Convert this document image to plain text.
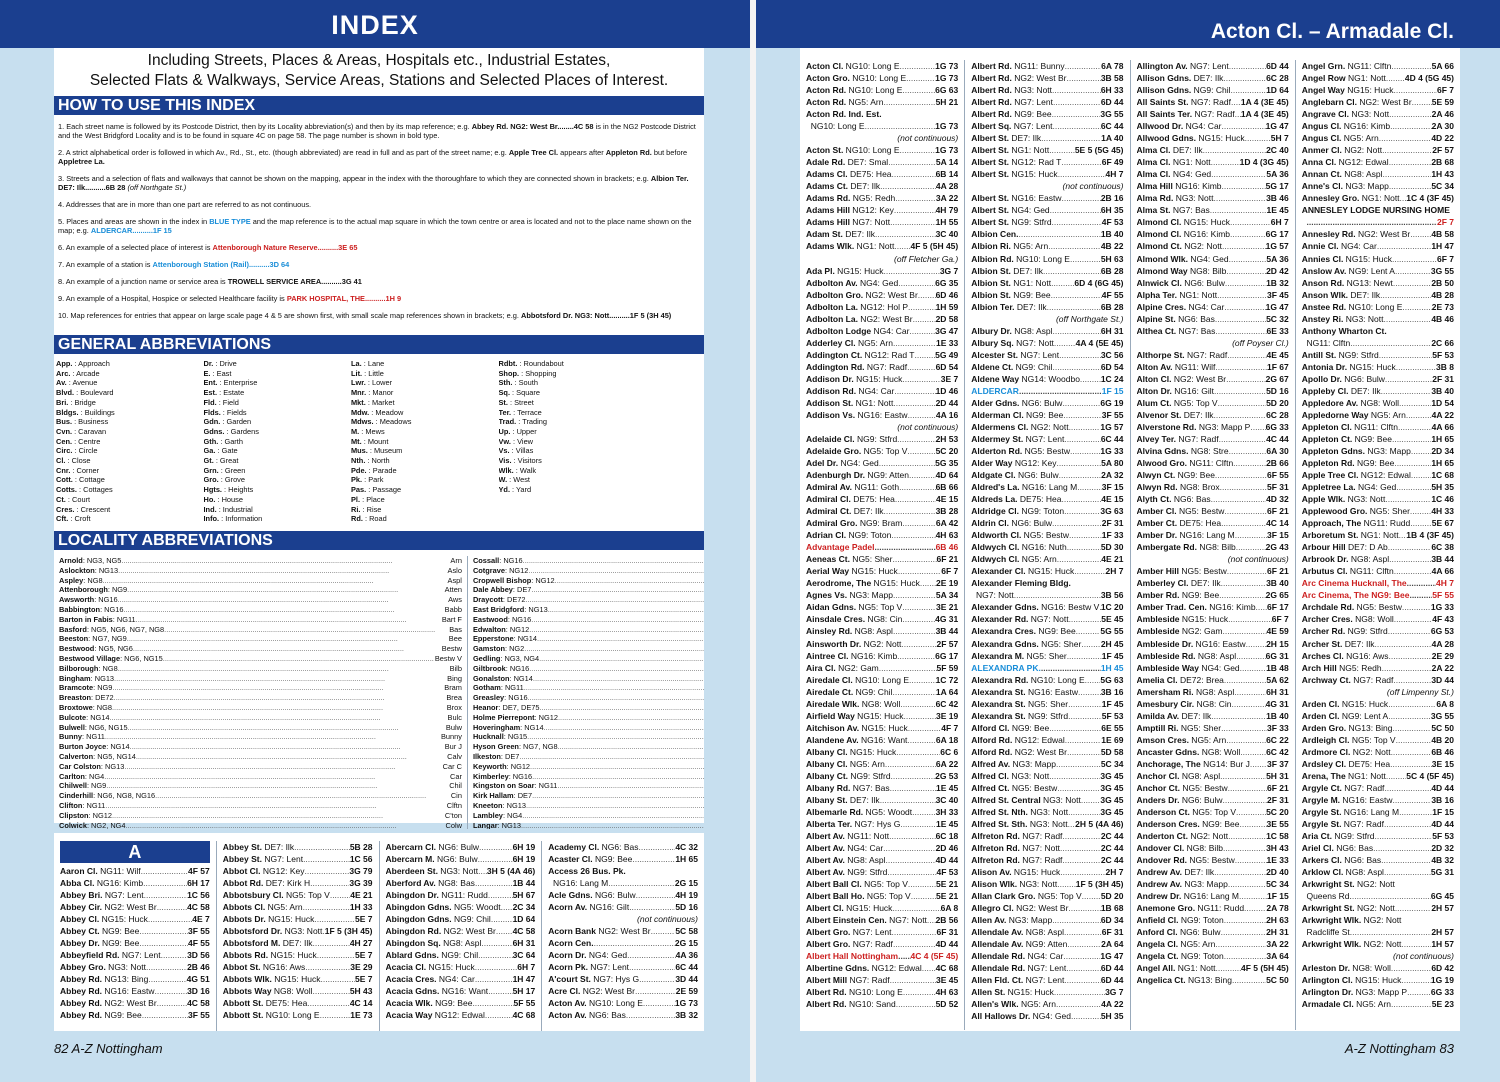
INDEX
Including Streets, Places & Areas, Hospitals etc., Industrial Estates,
Selected Flats & Walkways, Service Areas, Stations and Selected Places of Interest.
HOW TO USE THIS INDEX

1. Each street name is followed by its Postcode District, then by its Locality abbreviation(s) and then by its map reference; e.g. Abbey Rd. NG2: West Br........4C 58 is in the NG2 Postcode District and the West Bridgford Locality and is to be found in square 4C on page 58. The page number is shown in bold type.

2. A strict alphabetical order is followed in which Av., Rd., St., etc. (though abbreviated) are read in full and as part of the street name; e.g. Apple Tree Cl. appears after Appleton Rd. but before Appletree La.

3. Streets and a selection of flats and walkways that cannot be shown on the mapping, appear in the index with the thoroughfare to which they are connected shown in brackets; e.g. Albion Ter. DE7: Ilk..........6B 28 (off Northgate St.)

4. Addresses that are in more than one part are referred to as not continuous.

5. Places and areas are shown in the index in BLUE TYPE and the map reference is to the actual map square in which the town centre or area is located and not to the place name shown on the map; e.g. ALDERCAR..........1F 15

6. An example of a selected place of interest is Attenborough Nature Reserve..........3E 65

7. An example of a station is Attenborough Station (Rail)..........3D 64

8. An example of a junction name or service area is TROWELL SERVICE AREA..........3G 41

9. An example of a Hospital, Hospice or selected Healthcare facility is PARK HOSPITAL, THE..........1H 9

10. Map references for entries that appear on large scale page 4 & 5 are shown first, with small scale map references shown in brackets; e.g. Abbotsford Dr. NG3: Nott..........1F 5 (3H 45)

GENERAL ABBREVIATIONS
App. : Approach
Arc. : Arcade
Av. : Avenue
Blvd. : Boulevard
Bri. : Bridge
Bldgs. : Buildings
Bus. : Business
Cvn. : Caravan
Cen. : Centre
Circ. : Circle
Cl. : Close
Cnr. : Corner
Cott. : Cottage
Cotts. : Cottages
Ct. : Court
Cres. : Crescent
Cft. : Croft
Dr. : Drive
E. : East
Ent. : Enterprise
Est. : Estate
Fld. : Field
Flds. : Fields
Gdn. : Garden
Gdns. : Gardens
Gth. : Garth
Ga. : Gate
Gt. : Great
Grn. : Green
Gro. : Grove
Hgts. : Heights
Ho. : House
Ind. : Industrial
Info. : Information
La. : Lane
Lit. : Little
Lwr. : Lower
Mnr. : Manor
Mkt. : Market
Mdw. : Meadow
Mdws. : Meadows
M. : Mews
Mt. : Mount
Mus. : Museum
Nth. : North
Pde. : Parade
Pk. : Park
Pas. : Passage
Pl. : Place
Ri. : Rise
Rd. : Road
Rdbt. : Roundabout
Shop. : Shopping
Sth. : South
Sq. : Square
St. : Street
Ter. : Terrace
Trad. : Trading
Up. : Upper
Vw. : View
Vs. : Villas
Vis. : Visitors
Wlk. : Walk
W. : West
Yd. : Yard
LOCALITY ABBREVIATIONS
Arnold: NG3, NG5 .....	Arn
Aslockton: NG13 .....	Aslo
Aspley: NG8 .....	Aspl
Attenborough: NG9 .....	Atten
Awsworth: NG16 .....	Aws
Babbington: NG16 .....	Babb
Barton in Fabis: NG11 .....	Bart F
Basford: NG5, NG6, NG7, NG8 .....	Bas
Beeston: NG7, NG9 .....	Bee
Bestwood: NG5, NG6 .....	Bestw
Bestwood Village: NG6, NG15 .....	Bestw V
Bilborough: NG8 .....	Bilb
Bingham: NG13 .....	Bing
Bramcote: NG9 .....	Bram
Breaston: DE72 .....	Brea
Broxtowe: NG8 .....	Brox
Bulcote: NG14 .....	Bulc
Bulwell: NG6, NG15 .....	Bulw
Bunny: NG11 .....	Bunny
Burton Joyce: NG14 .....	Bur J
Calverton: NG5, NG14 .....	Calv
Car Colston: NG13 .....	Car C
Carlton: NG4 .....	Car
Chilwell: NG9 .....	Chil
Cinderhill: NG6, NG8, NG16 .....	Cin
Clifton: NG11 .....	Clftn
Clipston: NG12 .....	C'ton
Colwick: NG2, NG4 .....	Colw
Cossall: NG16 .....
Cotgrave: NG12 .....
Cropwell Bishop: NG12 .....
Dale Abbey: DE7 .....
Draycott: DE72 .....
East Bridgford: NG13 .....
Eastwood: NG16 .....
Edwalton: NG12 .....
Epperstone: NG14 .....
Gamston: NG2 .....
Gedling: NG3, NG4 .....
Giltbrook: NG16 .....
Gonalston: NG14 .....
Gotham: NG11 .....
Greasley: NG16 .....
Heanor: DE7, DE75 .....
Holme Pierrepont: NG12 .....
Hoveringham: NG14 .....
Hucknall: NG15 .....
Hyson Green: NG7, NG8 .....
Ilkeston: DE7 .....
Keyworth: NG12 .....
Kimberley: NG16 .....
Kingston on Soar: NG11 .....
Kirk Hallam: DE7 .....
Kneeton: NG13 .....
Lambley: NG4 .....
Langar: NG13 .....
A
Aaron Cl. NG11: Wilf .....	4F 57
Abba Cl. NG16: Kimb .....	6H 17
Abbey Bri. NG7: Lent .....	1C 56
Abbey Cir. NG2: West Br .....	4C 58
Abbey Cl. NG15: Huck .....	4E 7
Abbey Ct. NG9: Bee .....	3F 55
Abbey Dr. NG9: Bee .....	4F 55
Abbeyfield Rd. NG7: Lent .....	3D 56
Abbey Gro. NG3: Nott .....	2B 46
Abbey Rd. NG13: Bing .....	4G 51
Abbey Rd. NG16: Eastw .....	3D 16
Abbey Rd. NG2: West Br .....	4C 58
Abbey Rd. NG9: Bee .....	3F 55
Abbey St. DE7: Ilk .....	5B 28
Abbey St. NG7: Lent .....	1C 56
Abbot Cl. NG12: Key .....	3G 79
Abbot Rd. DE7: Kirk H .....	3G 39
Abbotsbury Cl. NG5: Top V ..... 4E 21
Abbots Cl. NG5: Arn .....	1H 33
Abbots Dr. NG15: Huck .....	5E 7
Abbotsford Dr. NG3: Nott ..... 1F 5 (3H 45)
Abbotsford M. DE7: Ilk .....	4H 27
Abbots Rd. NG15: Huck .....	5E 7
Abbot St. NG16: Aws .....	3E 29
Abbots Wlk. NG15: Huck .....	5E 7
Abbots Way NG8: Woll .....	5H 43
Abbott St. DE75: Hea .....	4C 14
Abbott St. NG10: Long E .....	1E 73
Abercarn Cl. NG6: Bulw .....	6H 19
Abercarn M. NG6: Bulw .....	6H 19
Aberdeen St. NG3: Nott ..... 3H 5 (4A 46)
Aberford Av. NG8: Bas .....	1B 44
Abingdon Dr. NG11: Rudd .....	5H 67
Abingdon Gdns. NG5: Woodt ..... 2C 34
Abingdon Gdns. NG9: Chil .....	1D 64
Abingdon Rd. NG2: West Br ..... 4C 58
Abingdon Sq. NG8: Aspl .....	6H 31
Ablard Gdns. NG9: Chil .....	3C 64
Acacia Cl. NG15: Huck .....	6H 7
Acacia Cres. NG4: Car .....	1H 47
Acacia Gdns. NG16: Want .....	5H 17
Acacia Wlk. NG9: Bee .....	5F 55
Acacia Way NG12: Edwal .....	4C 68
Academy Cl. NG6: Bas .....	4C 32
Acaster Cl. NG9: Bee .....	1H 65
Access 26 Bus. Pk.
NG16: Lang M .....	2G 15
Acle Gdns. NG6: Bulw .....	4H 19
Acorn Av. NG16: Gilt .....	5D 16
(not continuous)
Acorn Bank NG2: West Br .....	5C 58
Acorn Cen. .....	2G 15
Acorn Dr. NG4: Ged .....	4A 36
Acorn Pk. NG7: Lent .....	6C 44
A'court St. NG7: Hys G .....	3D 44
Acre Cl. NG2: West Br .....	2E 59
Acton Av. NG10: Long E .....	1G 73
Acton Av. NG6: Bas .....	3B 32
82 A-Z Nottingham
Acton Cl. – Armadale Cl.
Acton Cl. NG10: Long E .....	1G 73
Acton Gro. NG10: Long E .....	1G 73
Acton Rd. NG10: Long E .....	6G 63
Acton Rd. NG5: Arn .....	5H 21
Acton Rd. Ind. Est.
NG10: Long E .....	1G 73
(not continuous)
Acton St. NG10: Long E .....	1G 73
Adale Rd. DE7: Smal .....	5A 14
Adams Cl. DE75: Hea .....	6B 14
Adams Ct. DE7: Ilk .....	4A 28
Adams Rd. NG5: Redh .....	3A 22
Adams Hill NG12: Key .....	4H 79
Adams Hill NG7: Nott .....	1H 55
Adam St. DE7: Ilk .....	3C 40
Adams Wlk. NG1: Nott ..... 4F 5 (5H 45)
(off Fletcher Ga.)
Ada Pl. NG15: Huck .....	3G 7
Adbolton Av. NG4: Ged .....	6G 35
Adbolton Gro. NG2: West Br ..... 6D 46
Adbolton La. NG12: Hol P .....	1H 59
Adbolton La. NG2: West Br .....	2D 58
Adbolton Lodge NG4: Car .....	3G 47
Adderley Cl. NG5: Arn .....	1E 33
Addington Ct. NG12: Rad T ..... 5G 49
Addington Rd. NG7: Radf .....	6D 54
Addison Dr. NG15: Huck .....	3E 7
Addison Rd. NG4: Car .....	1D 46
Addison St. NG1: Nott .....	2D 44
Addison Vs. NG16: Eastw .....	4A 16
(not continuous)
Adelaide Cl. NG9: Stfrd .....	2H 53
Adelaide Gro. NG5: Top V .....	5C 20
Adel Dr. NG4: Ged .....	5G 35
Adenburgh Dr. NG9: Atten .....	4D 64
Admiral Av. NG11: Goth .....	6B 66
Admiral Cl. DE75: Hea .....	4E 15
Admiral Ct. DE7: Ilk .....	3B 28
Admiral Gro. NG9: Bram .....	6A 42
Adrian Cl. NG9: Toton .....	4H 63
Advantage Padel .....	6B 46
Aeneas Ct. NG5: Sher .....	6F 21
Aerial Way NG15: Huck .....	6F 7
Aerodrome, The NG15: Huck ..... 2E 19
Agnes Vs. NG3: Mapp .....	5A 34
Aidan Gdns. NG5: Top V .....	3E 21
Ainsdale Cres. NG8: Cin .....	4G 31
Ainsley Rd. NG8: Aspl .....	3B 44
Ainsworth Dr. NG2: Nott .....	2F 57
Aintree Cl. NG16: Kimb .....	6G 17
Aira Cl. NG2: Gam .....	5F 59
Airedale Cl. NG10: Long E .....	1C 72
Airedale Ct. NG9: Chil .....	1A 64
Airedale Wlk. NG8: Woll .....	6C 42
Airfield Way NG15: Huck .....	3E 19
Aitchison Av. NG15: Huck .....	4F 7
Alandene Av. NG16: Want .....	6A 18
Albany Cl. NG15: Huck .....	6C 6
Albany Cl. NG5: Arn .....	6A 22
Albany Ct. NG9: Stfrd .....	2G 53
Albany Rd. NG7: Bas .....	1E 45
Albany St. DE7: Ilk .....	3C 40
Albemarle Rd. NG5: Woodt .....	3H 33
Alberta Ter. NG7: Hys G .....	1E 45
Albert Av. NG11: Nott .....	6C 18
Albert Av. NG4: Car .....	2D 46
Albert Av. NG8: Aspl .....	4D 44
Albert Av. NG9: Stfrd .....	4F 53
Albert Ball Cl. NG5: Top V .....	5E 21
Albert Ball Ho. NG5: Top V .....	5E 21
Albert Cl. NG15: Huck .....	6A 8
Albert Einstein Cen. NG7: Nott ..... 2B 56
Albert Gro. NG7: Lent .....	6F 31
Albert Gro. NG7: Radf .....	4D 44
Albert Hall Nottingham ..... 4C 4 (5F 45)
Albertine Gdns. NG12: Edwal ..... 4C 68
Albert Mill NG7: Radf .....	3E 45
Albert Rd. NG10: Long E .....	4H 63
Albert Rd. NG10: Sand .....	5D 52
Albert Rd. NG11: Bunny .....	6A 78
Albert Rd. NG2: West Br .....	3B 58
Albert Rd. NG3: Nott .....	6H 33
Albert Rd. NG7: Lent .....	6D 44
Albert Rd. NG9: Bee .....	3G 55
Albert Sq. NG7: Lent .....	6C 44
Albert St. DE7: Ilk .....	1A 40
Albert St. NG1: Nott .....	5E 5 (5G 45)
Albert St. NG12: Rad T .....	6F 49
Albert St. NG15: Huck .....	4H 7
(not continuous)
Albert St. NG16: Eastw .....	2B 16
Albert St. NG4: Ged .....	6H 35
Albert St. NG9: Stfrd .....	4F 53
Albion Cen. .....	1B 40
Albion Ri. NG5: Arn .....	4B 22
Albion Rd. NG10: Long E .....	5H 63
Albion St. DE7: Ilk .....	6B 28
Albion St. NG1: Nott .....	6D 4 (6G 45)
Albion St. NG9: Bee .....	4F 55
Albion Ter. DE7: Ilk .....	6B 28
(off Northgate St.)
Albury Dr. NG8: Aspl .....	6H 31
Albury Sq. NG7: Nott .....	4A 4 (5E 45)
Alcester St. NG7: Lent .....	3C 56
Aldene Ct. NG9: Chil .....	6D 54
Aldene Way NG14: Woodbo ..... 1C 24
ALDERCAR .....	1F 15
Alder Gdns. NG6: Bulw .....	6G 19
Alderman Cl. NG9: Bee .....	3F 55
Aldermens Cl. NG2: Nott .....	1G 57
Aldermey St. NG7: Lent .....	6C 44
Alderton Rd. NG5: Bestw .....	1G 33
Alder Way NG12: Key .....	5A 80
Aldgate Cl. NG6: Bulw .....	2A 32
Aldred's La. NG16: Lang M .....	3F 15
Aldreds La. DE75: Hea .....	4E 15
Aldridge Cl. NG9: Toton .....	3G 63
Aldrin Cl. NG6: Bulw .....	2F 31
Aldworth Cl. NG5: Bestw .....	1F 33
Aldwych Cl. NG16: Nuth .....	5D 30
Aldwych Cl. NG5: Arn .....	4E 21
Alexander Cl. NG15: Huck .....	2H 7
Alexander Fleming Bldg.
NG7: Nott .....	3B 56
Alexander Gdns. NG16: Bestw V ..... 1C 20
Alexander Rd. NG7: Nott .....	5E 45
Alexandra Cres. NG9: Bee .....	5G 55
Alexandra Gdns. NG5: Sher ..... 2H 45
Alexandra M. NG5: Sher .....	1F 45
ALEXANDRA PK. .....	1H 45
Alexandra Rd. NG10: Long E ..... 5G 63
Alexandra St. NG16: Eastw .....	3B 16
Alexandra St. NG5: Sher .....	1F 45
Alexandra St. NG9: Stfrd .....	5F 53
Alford Cl. NG9: Bee .....	6E 55
Alford Rd. NG12: Edwal .....	1E 69
Alford Rd. NG2: West Br .....	5D 58
Alfred Av. NG3: Mapp .....	5C 34
Alfred Cl. NG3: Nott .....	3G 45
Alfred Ct. NG5: Bestw .....	3G 45
Alfred St. Central NG3: Nott ..... 3G 45
Alfred St. Nth. NG3: Nott .....	3G 45
Alfred St. Sth. NG3: Nott ..... 2H 5 (4A 46)
Alfreton Rd. NG7: Radf .....	2C 44
Alfreton Rd. NG7: Nott .....	2C 44
Alfreton Rd. NG7: Radf .....	2C 44
Alison Av. NG15: Huck .....	2H 7
Alison Wlk. NG3: Nott ..... 1F 5 (3H 45)
Allan Clark Gro. NG5: Top V ..... 5D 20
Allegro Cl. NG2: West Br .....	1B 68
Allen Av. NG3: Mapp .....	6D 34
Allendale Av. NG8: Aspl .....	6F 31
Allendale Av. NG9: Atten .....	2A 64
Allendale Rd. NG4: Car .....	1G 47
Allendale Rd. NG7: Lent .....	6D 44
Allen Fld. Ct. NG7: Lent .....	6D 44
Allen St. NG15: Huck .....	3G 7
Allen's Wlk. NG5: Arn .....	4A 22
All Hallows Dr. NG4: Ged .....	5H 35
Allington Av. NG7: Lent .....	6D 44
Allison Gdns. DE7: Ilk .....	6C 28
Allison Gdns. NG9: Chil .....	1D 64
All Saints St. NG7: Radf ..... 1A 4 (3E 45)
All Saints Ter. NG7: Radf ..... 1A 4 (3E 45)
Allwood Dr. NG4: Car .....	1G 47
Allwood Gdns. NG15: Huck .....	5H 7
Alma Cl. DE7: Ilk .....	2C 40
Alma Cl. NG1: Nott .....	1D 4 (3G 45)
Alma Cl. NG4: Ged .....	5A 36
Alma Hill NG16: Kimb .....	5G 17
Alma Rd. NG3: Nott .....	3B 46
Alma St. NG7: Bas .....	1E 45
Almond Cl. NG15: Huck .....	6H 7
Almond Cl. NG16: Kimb .....	6G 17
Almond Ct. NG2: Nott .....	1G 57
Almond Wlk. NG4: Ged .....	5A 36
Almond Way NG8: Bilb .....	2D 42
Alnwick Cl. NG6: Bulw .....	1B 32
Alpha Ter. NG1: Nott .....	3F 45
Alpine Cres. NG4: Car .....	1G 47
Alpine St. NG6: Bas .....	5C 32
Althea Ct. NG7: Bas .....	6E 33
(off Poyser Cl.)
Althorpe St. NG7: Radf .....	4E 45
Alton Av. NG11: Wilf .....	1F 67
Alton Cl. NG2: West Br .....	2G 67
Alton Dr. NG16: Gilt .....	5D 16
Alum Ct. NG5: Top V .....	5D 20
Alvenor St. DE7: Ilk .....	6C 28
Alverstone Rd. NG3: Mapp P ..... 6G 33
Alvey Ter. NG7: Radf .....	4C 44
Alvina Gdns. NG8: Stre .....	6A 30
Alwood Gro. NG11: Clftn .....	2B 66
Alwyn Ct. NG9: Bee .....	6F 55
Alwyn Rd. NG8: Brox .....	5F 31
Alyth Ct. NG6: Bas .....	4D 32
Amber Cl. NG5: Bestw .....	6F 21
Amber Ct. DE75: Hea .....	4C 14
Amber Dr. NG16: Lang M .....	3F 15
Ambergate Rd. NG8: Bilb .....	2G 43
(not continuous)
Amber Hill NG5: Bestw .....	6F 21
Amberley Cl. DE7: Ilk .....	3B 40
Amber Rd. NG9: Bee .....	2G 65
Amber Trad. Cen. NG16: Kimb ..... 6F 17
Ambleside NG15: Huck .....	6F 7
Ambleside NG2: Gam .....	4E 59
Ambleside Dr. NG16: Eastw ..... 2H 15
Ambleside Rd. NG8: Aspl .....	6G 31
Ambleside Way NG4: Ged .....	1B 48
Amelia Cl. DE72: Brea .....	5A 62
Amersham Ri. NG8: Aspl .....	6H 31
Amesbury Cir. NG8: Cin .....	4G 31
Amilda Av. DE7: Ilk .....	1B 40
Amptill Ri. NG5: Sher .....	3F 33
Amson Cres. NG5: Arn .....	6C 22
Ancaster Gdns. NG8: Woll .....	6C 42
Anchorage, The NG14: Bur J ..... 3F 37
Anchor Cl. NG8: Aspl .....	5H 31
Anchor Ct. NG5: Bestw .....	6F 21
Anders Dr. NG6: Bulw .....	2F 31
Anderson Ct. NG5: Top V .....	5C 20
Anderson Cres. NG9: Bee .....	3E 55
Anderton Ct. NG2: Nott .....	1C 58
Andover Cl. NG8: Bilb .....	3H 43
Andover Rd. NG5: Bestw .....	1E 33
Andrew Av. DE7: Ilk .....	2D 40
Andrew Av. NG3: Mapp .....	5C 34
Andrew Dr. NG16: Lang M .....	1F 15
Anemone Gro. NG11: Rudd .....	2A 78
Anfield Cl. NG9: Toton .....	2H 63
Anford Cl. NG6: Bulw .....	2H 31
Angela Cl. NG5: Arn .....	3A 22
Angela Ct. NG9: Toton .....	3A 64
Angel All. NG1: Nott .....	4F 5 (5H 45)
Angelica Ct. NG13: Bing .....	5C 50
Angel Grn. NG11: Clftn .....	5A 66
Angel Row NG1: Nott ..... 4D 4 (5G 45)
Angel Way NG15: Huck .....	6F 7
Anglebarn Cl. NG2: West Br ..... 5E 59
Angrave Cl. NG3: Nott .....	2A 46
Angus Cl. NG16: Kimb .....	2A 30
Angus Cl. NG5: Arn .....	4D 22
Anmer Cl. NG2: Nott .....	2F 57
Anna Cl. NG12: Edwal .....	2B 68
Annan Ct. NG8: Aspl .....	1H 43
Anne's Cl. NG3: Mapp .....	5C 34
Annesley Gro. NG1: Nott ..... 1C 4 (3F 45)
ANNESLEY LODGE NURSING HOME

.....
2F 7
Annesley Rd. NG2: West Br ..... 4B 58
Annie Cl. NG4: Car .....	1H 47
Annies Cl. NG15: Huck .....	6F 7
Anslow Av. NG9: Lent A .....	3G 55
Anson Rd. NG13: Newt .....	2B 50
Anson Wlk. DE7: Ilk .....	4B 28
Anstee Rd. NG10: Long E .....	2E 73
Anstey Ri. NG3: Nott .....	4B 46
Anthony Wharton Ct.
NG11: Clftn .....	2C 66
Antill St. NG9: Stfrd .....	5F 53
Antonia Dr. NG15: Huck .....	3B 8
Apollo Dr. NG6: Bulw .....	2F 31
Appleby Cl. DE7: Ilk .....	3B 40
Appledore Av. NG8: Woll .....	1D 54
Appledorne Way NG5: Arn .....	4A 22
Appleton Cl. NG11: Clftn .....	4A 66
Appleton Ct. NG9: Bee .....	1H 65
Appleton Gdns. NG3: Mapp ..... 2D 34
Appleton Rd. NG9: Bee .....	1H 65
Apple Tree Cl. NG12: Edwal ..... 1C 68
Appletree La. NG4: Ged .....	5H 35
Apple Wlk. NG3: Nott .....	1C 46
Applewood Gro. NG5: Sher .....	4H 33
Approach, The NG11: Rudd .....	5E 67
Arboretum St. NG1: Nott ..... 1B 4 (3F 45)
Arbour Hill DE7: D Ab .....	6C 38
Arbrook Dr. NG8: Aspl .....	3B 44
Arbutus Cl. NG11: Clftn .....	4A 66
Arc Cinema Hucknall, The .....	4H 7
Arc Cinema, The NG9: Bee .....	5F 55
Archdale Rd. NG5: Bestw .....	1G 33
Archer Cres. NG8: Woll .....	4F 43
Archer Rd. NG9: Stfrd .....	6G 53
Archer St. DE7: Ilk .....	4A 28
Arches Cl. NG16: Aws .....	2E 29
Arch Hill NG5: Redh .....	2A 22
Archway Ct. NG7: Radf .....	3D 44
(off Limpenny St.)
Arden Cl. NG15: Huck .....	6A 8
Arden Cl. NG9: Lent A .....	3G 55
Arden Gro. NG13: Bing .....	5C 50
Ardleigh Cl. NG5: Top V .....	4B 20
Ardmore Cl. NG2: Nott .....	6B 46
Ardsley Cl. DE75: Hea .....	3E 15
Arena, The NG1: Nott ..... 5C 4 (5F 45)
Argyle Ct. NG7: Radf .....	4D 44
Argyle M. NG16: Eastw .....	3B 16
Argyle St. NG16: Lang M .....	1F 15
Argyle St. NG7: Radf .....	4D 44
Aria Ct. NG9: Stfrd .....	5F 53
Ariel Cl. NG6: Bas .....	2D 32
Arkers Cl. NG6: Bas .....	4B 32
Arklow Cl. NG8: Aspl .....	5G 31
Arkwright St. NG2: Nott
Queens Rd. .....	6G 45
Arkwright St. NG2: Nott .....	2H 57
Arkwright Wlk. NG2: Nott
Radcliffe St. .....	2H 57
Arkwright Wlk. NG2: Nott .....	1H 57
(not continuous)
Arleston Dr. NG8: Woll .....	6D 42
Arlington Cl. NG15: Huck .....	1G 19
Arlington Dr. NG3: Mapp P .....	6G 33
Armadale Cl. NG5: Arn .....	5E 23
A-Z Nottingham 83
